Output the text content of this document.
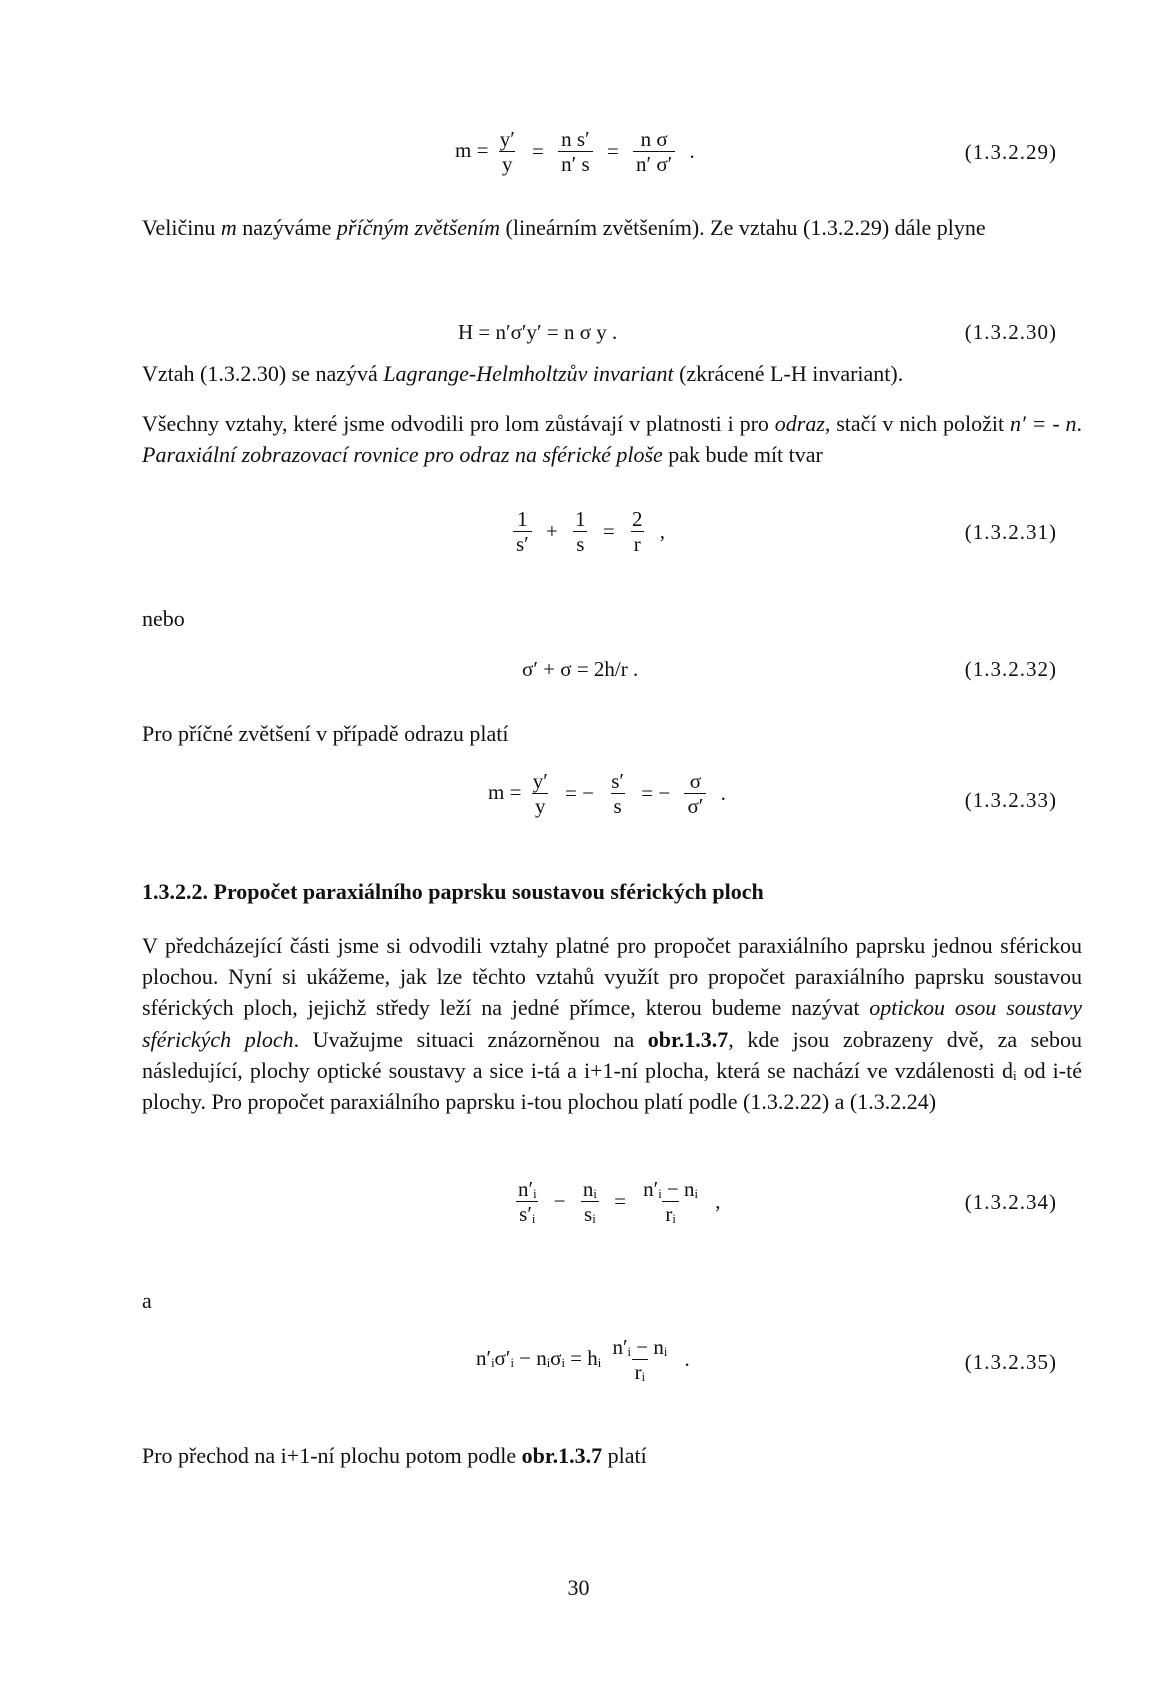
$m = \frac{y'}{y} = \frac{\text{n s′}}{n' s} = \frac{\text{n σ}}{n' \sigma'}$ .	(1.3.2.29)

Veličinu m nazýváme příčným zvětšením (lineárním zvětšením). Ze vztahu (1.3.2.29) dále plyne

H = n′σ′y′ = n σ y .	(1.3.2.30)

Vztah (1.3.2.30) se nazývá Lagrange-Helmholtzův invariant (zkrácené L-H invariant).

Všechny vztahy, které jsme odvodili pro lom zůstávají v platnosti i pro odraz, stačí v nich položit n′ = - n. Paraxiální zobrazovací rovnice pro odraz na sférické ploše pak bude mít tvar

$\frac{1}{s'} + \frac{1}{s} = \frac{2}{r}$ ,	(1.3.2.31)

nebo

σ′ + σ = 2h/r .	(1.3.2.32)

Pro příčné zvětšení v případě odrazu platí

$m = \frac{y'}{y}$ = − $\frac{s'}{s}$ = − $\frac{\sigma}{\sigma'}$ .	(1.3.2.33)
1.3.2.2. Propočet paraxiálního paprsku soustavou sférických ploch

V předcházející části jsme si odvodili vztahy platné pro propočet paraxiálního paprsku jednou sférickou plochou. Nyní si ukážeme, jak lze těchto vztahů využít pro propočet paraxiálního paprsku soustavou sférických ploch, jejichž středy leží na jedné přímce, kterou budeme nazývat optickou osou soustavy sférických ploch. Uvažujme situaci znázorněnou na obr.1.3.7, kde jsou zobrazeny dvě, za sebou následující, plochy optické soustavy a sice i-tá a i+1-ní plocha, která se nachází ve vzdálenosti dᵢ od i-té plochy. Pro propočet paraxiálního paprsku i-tou plochou platí podle (1.3.2.22) a (1.3.2.24)

$\frac{\text{n′ᵢ}}{\text{s′ᵢ}} - \frac{\text{nᵢ}}{\text{sᵢ}} = \frac{\text{n′ᵢ − nᵢ}}{\text{rᵢ}}$ ,	(1.3.2.34)

a

n′ᵢσ′ᵢ − nᵢσᵢ = hᵢ $\frac{\text{n′ᵢ − nᵢ}}{\text{rᵢ}}$ .	(1.3.2.35)

Pro přechod na i+1-ní plochu potom podle obr.1.3.7 platí

30
